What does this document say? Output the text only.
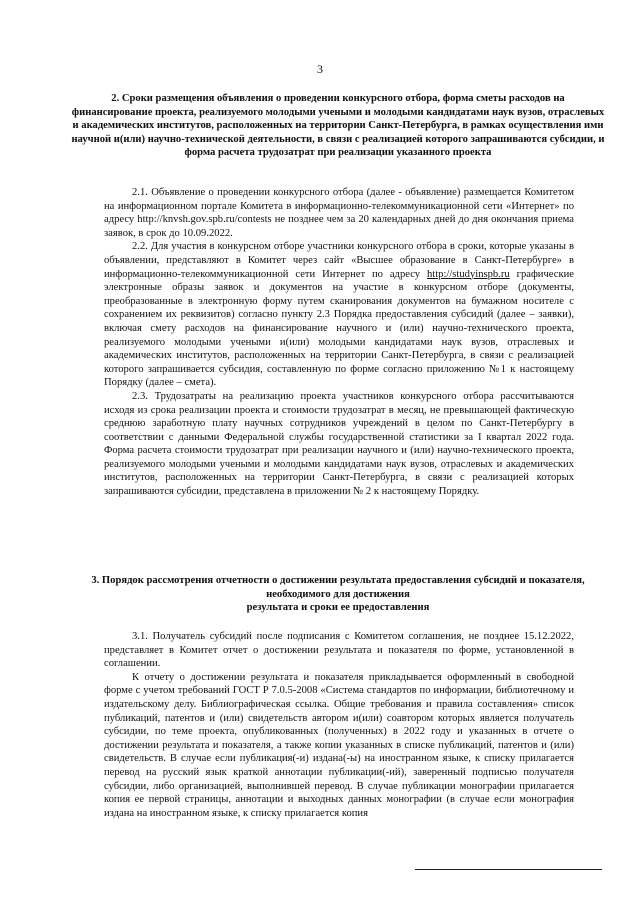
3
2. Сроки размещения объявления о проведении конкурсного отбора, форма сметы расходов на финансирование проекта, реализуемого молодыми учеными и молодыми кандидатами наук вузов, отраслевых и академических институтов, расположенных на территории Санкт-Петербурга, в рамках осуществления ими научной и(или) научно-технической деятельности, в связи с реализацией которого запрашиваются субсидии, и форма расчета трудозатрат при реализации указанного проекта

2.1. Объявление о проведении конкурсного отбора (далее - объявление) размещается Комитетом на информационном портале Комитета в информационно-телекоммуникационной сети «Интернет» по адресу http://knvsh.gov.spb.ru/contests не позднее чем за 20 календарных дней до дня окончания приема заявок, в срок до 10.09.2022.

2.2. Для участия в конкурсном отборе участники конкурсного отбора в сроки, которые указаны в объявлении, представляют в Комитет через сайт «Высшее образование в Санкт-Петербурге» в информационно-телекоммуникационной сети Интернет по адресу http://studyinspb.ru графические электронные образы заявок и документов на участие в конкурсном отборе (документы, преобразованные в электронную форму путем сканирования документов на бумажном носителе с сохранением их реквизитов) согласно пункту 2.3 Порядка предоставления субсидий (далее – заявки), включая смету расходов на финансирование научного и (или) научно-технического проекта, реализуемого молодыми учеными и(или) молодыми кандидатами наук вузов, отраслевых и академических институтов, расположенных на территории Санкт-Петербурга, в связи с реализацией которого запрашивается субсидия, составленную по форме согласно приложению №1 к настоящему Порядку (далее – смета).

2.3. Трудозатраты на реализацию проекта участников конкурсного отбора рассчитываются исходя из срока реализации проекта и стоимости трудозатрат в месяц, не превышающей фактическую среднюю заработную плату научных сотрудников учреждений в целом по Санкт-Петербургу в соответствии с данными Федеральной службы государственной статистики за I квартал 2022 года. Форма расчета стоимости трудозатрат при реализации научного и (или) научно-технического проекта, реализуемого молодыми учеными и молодыми кандидатами наук вузов, отраслевых и академических институтов, расположенных на территории Санкт-Петербурга, в связи с реализацией которых запрашиваются субсидии, представлена в приложении № 2 к настоящему Порядку.

3. Порядок рассмотрения отчетности о достижении результата предоставления субсидий и показателя, необходимого для достижения
результата и сроки ее предоставления

3.1. Получатель субсидий после подписания с Комитетом соглашения, не позднее 15.12.2022, представляет в Комитет отчет о достижении результата и показателя по форме, установленной в соглашении.

К отчету о достижении результата и показателя прикладывается оформленный в свободной форме с учетом требований ГОСТ Р 7.0.5-2008 «Система стандартов по информации, библиотечному и издательскому делу. Библиографическая ссылка. Общие требования и правила составления» список публикаций, патентов и (или) свидетельств автором и(или) соавтором которых является получатель субсидии, по теме проекта, опубликованных (полученных) в 2022 году и указанных в отчете о достижении результата и показателя, а также копии указанных в списке публикаций, патентов и (или) свидетельств. В случае если публикация(-и) издана(-ы) на иностранном языке, к списку прилагается перевод на русский язык краткой аннотации публикации(-ий), заверенный подписью получателя субсидии, либо организацией, выполнившей перевод. В случае публикации монографии прилагается копия ее первой страницы, аннотации и выходных данных монографии (в случае если монография издана на иностранном языке, к списку прилагается копия
